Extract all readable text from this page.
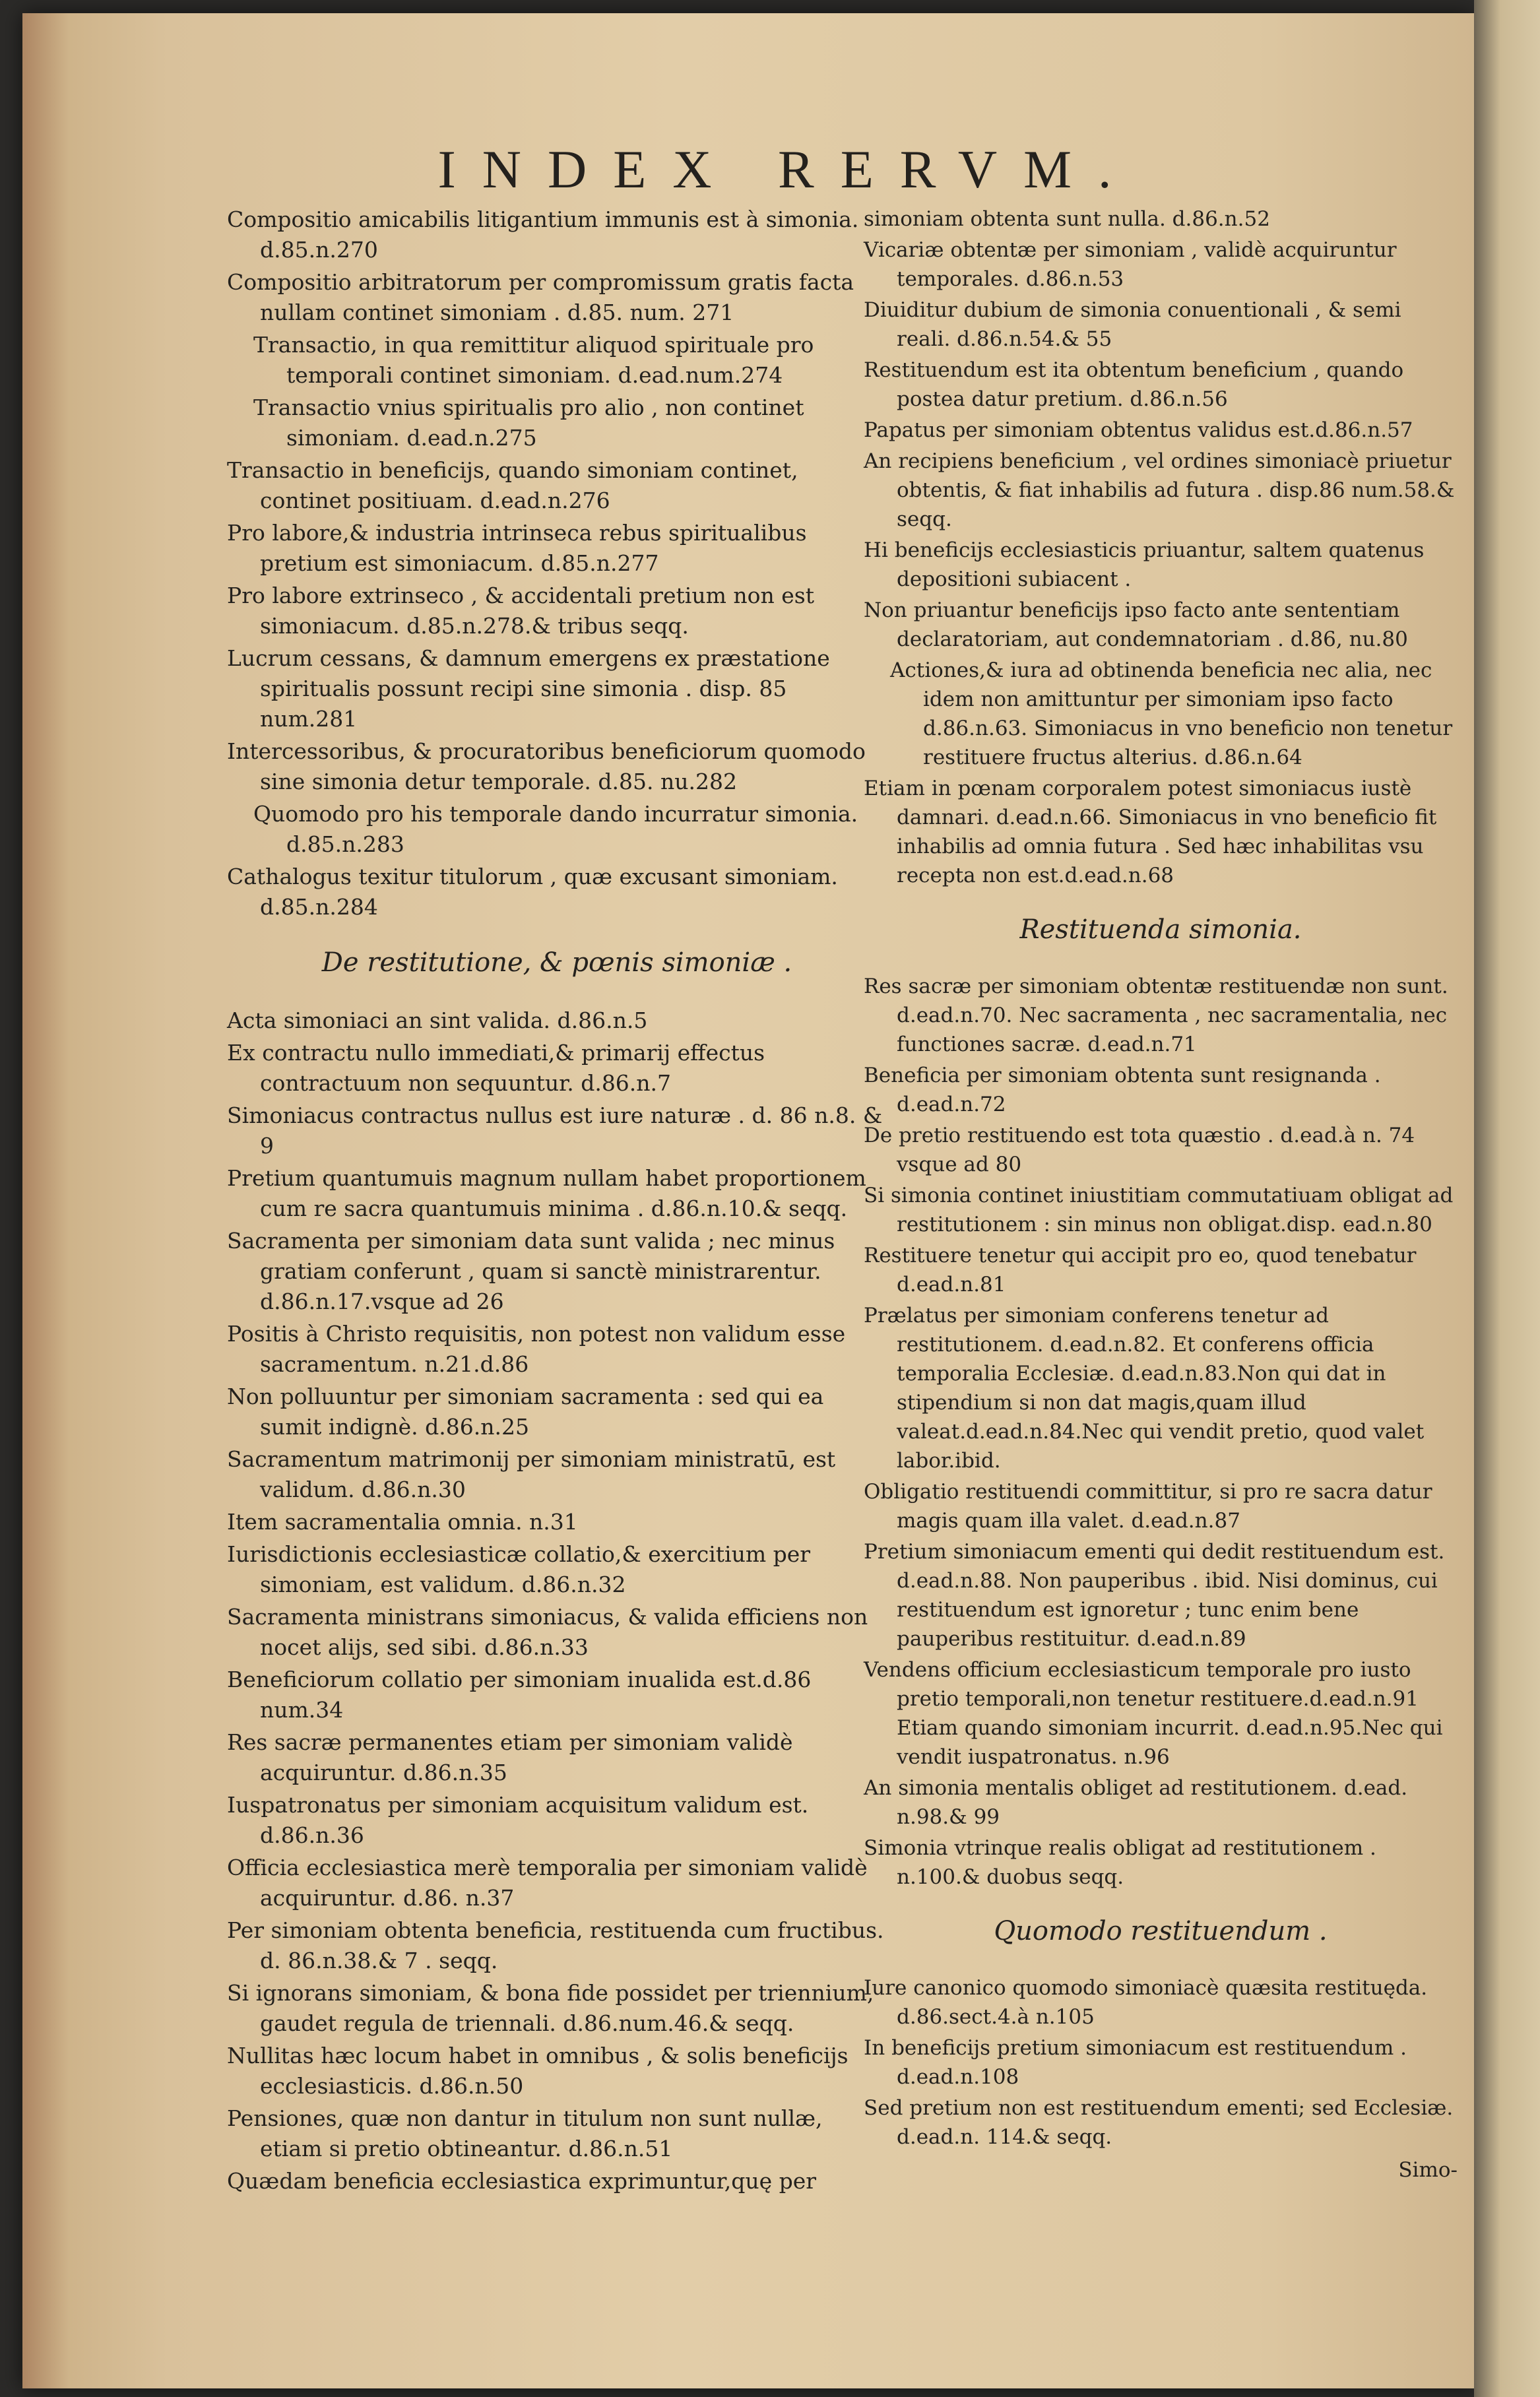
INDEX RERVM.
Compositio amicabilis litigantium immunis est à simonia. d.85.n.270
Compositio arbitratorum per compromissum gratis facta nullam continet simoniam . d.85. num. 271
Transactio, in qua remittitur aliquod spirituale pro temporali continet simoniam. d.ead.num.274
Transactio vnius spiritualis pro alio , non continet simoniam. d.ead.n.275
Transactio in beneficijs, quando simoniam continet, continet positiuam. d.ead.n.276
Pro labore,& industria intrinseca rebus spiritualibus pretium est simoniacum. d.85.n.277
Pro labore extrinseco , & accidentali pretium non est simoniacum. d.85.n.278.& tribus seqq.
Lucrum cessans, & damnum emergens ex præstatione spiritualis possunt recipi sine simonia . disp. 85 num.281
Intercessoribus, & procuratoribus beneficiorum quomodo sine simonia detur temporale. d.85. nu.282
Quomodo pro his temporale dando incurratur simonia. d.85.n.283
Cathalogus texitur titulorum , quæ excusant simoniam. d.85.n.284
De restitutione, & pœnis simoniæ .
Acta simoniaci an sint valida. d.86.n.5
Ex contractu nullo immediati,& primarij effectus contractuum non sequuntur. d.86.n.7
Simoniacus contractus nullus est iure naturæ . d. 86 n.8. & 9
Pretium quantumuis magnum nullam habet proportionem cum re sacra quantumuis minima . d.86.n.10.& seqq.
Sacramenta per simoniam data sunt valida ; nec minus gratiam conferunt , quam si sanctè ministrarentur. d.86.n.17.vsque ad 26
Positis à Christo requisitis, non potest non validum esse sacramentum. n.21.d.86
Non polluuntur per simoniam sacramenta : sed qui ea sumit indignè. d.86.n.25
Sacramentum matrimonij per simoniam ministratū, est validum. d.86.n.30
Item sacramentalia omnia. n.31
Iurisdictionis ecclesiasticæ collatio,& exercitium per simoniam, est validum. d.86.n.32
Sacramenta ministrans simoniacus, & valida efficiens non nocet alijs, sed sibi. d.86.n.33
Beneficiorum collatio per simoniam inualida est.d.86 num.34
Res sacræ permanentes etiam per simoniam validè acquiruntur. d.86.n.35
Iuspatronatus per simoniam acquisitum validum est. d.86.n.36
Officia ecclesiastica merè temporalia per simoniam validè acquiruntur. d.86. n.37
Per simoniam obtenta beneficia, restituenda cum fructibus. d. 86.n.38.& 7 . seqq.
Si ignorans simoniam, & bona fide possidet per triennium, gaudet regula de triennali. d.86.num.46.& seqq.
Nullitas hæc locum habet in omnibus , & solis beneficijs ecclesiasticis. d.86.n.50
Pensiones, quæ non dantur in titulum non sunt nullæ, etiam si pretio obtineantur. d.86.n.51
Quædam beneficia ecclesiastica exprimuntur,quę per
simoniam obtenta sunt nulla. d.86.n.52
Vicariæ obtentæ per simoniam , validè acquiruntur temporales. d.86.n.53
Diuiditur dubium de simonia conuentionali , & semi reali. d.86.n.54.& 55
Restituendum est ita obtentum beneficium , quando postea datur pretium. d.86.n.56
Papatus per simoniam obtentus validus est.d.86.n.57
An recipiens beneficium , vel ordines simoniacè priuetur obtentis, & fiat inhabilis ad futura . disp.86 num.58.& seqq.
Hi beneficijs ecclesiasticis priuantur, saltem quatenus depositioni subiacent .
Non priuantur beneficijs ipso facto ante sententiam declaratoriam, aut condemnatoriam . d.86, nu.80
Actiones,& iura ad obtinenda beneficia nec alia, nec idem non amittuntur per simoniam ipso facto d.86.n.63. Simoniacus in vno beneficio non tenetur restituere fructus alterius. d.86.n.64
Etiam in pœnam corporalem potest simoniacus iustè damnari. d.ead.n.66. Simoniacus in vno beneficio fit inhabilis ad omnia futura . Sed hæc inhabilitas vsu recepta non est.d.ead.n.68
Restituenda simonia.
Res sacræ per simoniam obtentæ restituendæ non sunt. d.ead.n.70. Nec sacramenta , nec sacramentalia, nec functiones sacræ. d.ead.n.71
Beneficia per simoniam obtenta sunt resignanda . d.ead.n.72
De pretio restituendo est tota quæstio . d.ead.à n. 74 vsque ad 80
Si simonia continet iniustitiam commutatiuam obligat ad restitutionem : sin minus non obligat.disp. ead.n.80
Restituere tenetur qui accipit pro eo, quod tenebatur d.ead.n.81
Prælatus per simoniam conferens tenetur ad restitutionem. d.ead.n.82. Et conferens officia temporalia Ecclesiæ. d.ead.n.83.Non qui dat in stipendium si non dat magis,quam illud valeat.d.ead.n.84.Nec qui vendit pretio, quod valet labor.ibid.
Obligatio restituendi committitur, si pro re sacra datur magis quam illa valet. d.ead.n.87
Pretium simoniacum ementi qui dedit restituendum est. d.ead.n.88. Non pauperibus . ibid. Nisi dominus, cui restituendum est ignoretur ; tunc enim bene pauperibus restituitur. d.ead.n.89
Vendens officium ecclesiasticum temporale pro iusto pretio temporali,non tenetur restituere.d.ead.n.91 Etiam quando simoniam incurrit. d.ead.n.95.Nec qui vendit iuspatronatus. n.96
An simonia mentalis obliget ad restitutionem. d.ead. n.98.& 99
Simonia vtrinque realis obligat ad restitutionem . n.100.& duobus seqq.
Quomodo restituendum .
Iure canonico quomodo simoniacè quæsita restituęda. d.86.sect.4.à n.105
In beneficijs pretium simoniacum est restituendum . d.ead.n.108
Sed pretium non est restituendum ementi; sed Ecclesiæ. d.ead.n. 114.& seqq.
Simo-
